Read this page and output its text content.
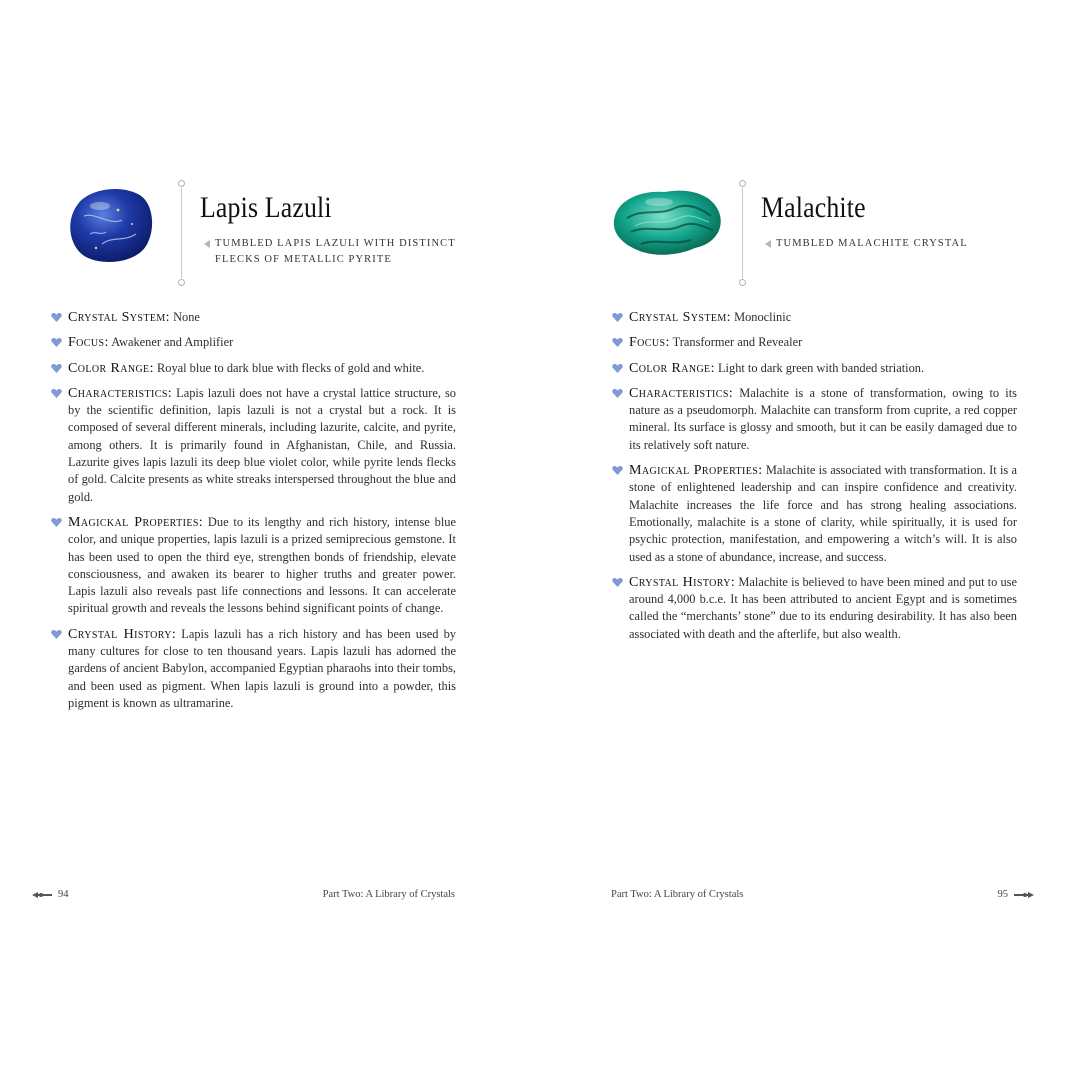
Lapis Lazuli
TUMBLED LAPIS LAZULI WITH DISTINCT FLECKS OF METALLIC PYRITE
Crystal System: None
Focus: Awakener and Amplifier
Color Range: Royal blue to dark blue with flecks of gold and white.
Characteristics: Lapis lazuli does not have a crystal lattice structure, so by the scientific definition, lapis lazuli is not a crystal but a rock. It is composed of several different minerals, including lazurite, calcite, and pyrite, among others. It is primarily found in Afghanistan, Chile, and Russia. Lazurite gives lapis lazuli its deep blue violet color, while pyrite lends flecks of gold. Calcite presents as white streaks interspersed throughout the blue and gold.
Magickal Properties: Due to its lengthy and rich history, intense blue color, and unique properties, lapis lazuli is a prized semiprecious gemstone. It has been used to open the third eye, strengthen bonds of friendship, elevate consciousness, and awaken its bearer to higher truths and greater power. Lapis lazuli also reveals past life connections and lessons. It can accelerate spiritual growth and reveals the lessons behind significant points of change.
Crystal History: Lapis lazuli has a rich history and has been used by many cultures for close to ten thousand years. Lapis lazuli has adorned the gardens of ancient Babylon, accompanied Egyptian pharaohs into their tombs, and been used as pigment. When lapis lazuli is ground into a powder, this pigment is known as ultramarine.
94	Part Two: A Library of Crystals
Malachite
TUMBLED MALACHITE CRYSTAL
Crystal System: Monoclinic
Focus: Transformer and Revealer
Color Range: Light to dark green with banded striation.
Characteristics: Malachite is a stone of transformation, owing to its nature as a pseudomorph. Malachite can transform from cuprite, a red copper mineral. Its surface is glossy and smooth, but it can be easily damaged due to its relatively soft nature.
Magickal Properties: Malachite is associated with transformation. It is a stone of enlightened leadership and can inspire confidence and creativity. Malachite increases the life force and has strong healing associations. Emotionally, malachite is a stone of clarity, while spiritually, it is used for psychic protection, manifestation, and empowering a witch’s will. It is also used as a stone of abundance, increase, and success.
Crystal History: Malachite is believed to have been mined and put to use around 4,000 b.c.e. It has been attributed to ancient Egypt and is sometimes called the “merchants’ stone” due to its enduring desirability. It has also been associated with death and the afterlife, but also wealth.
Part Two: A Library of Crystals	95
